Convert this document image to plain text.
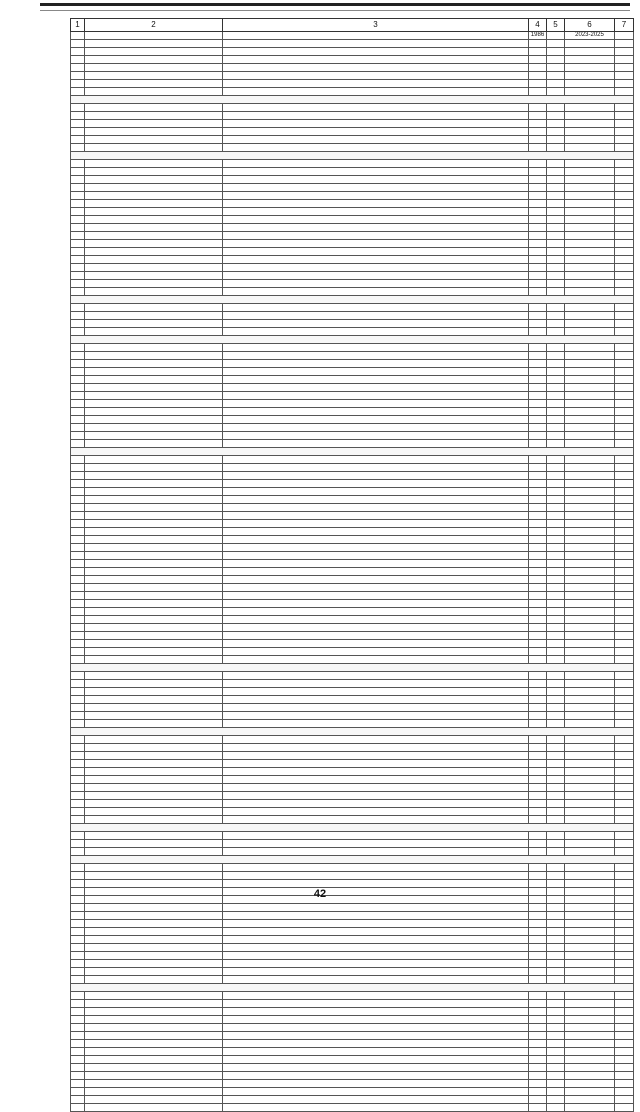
1	2	3	4	5	6	7
			1986		2023-2025	

42
